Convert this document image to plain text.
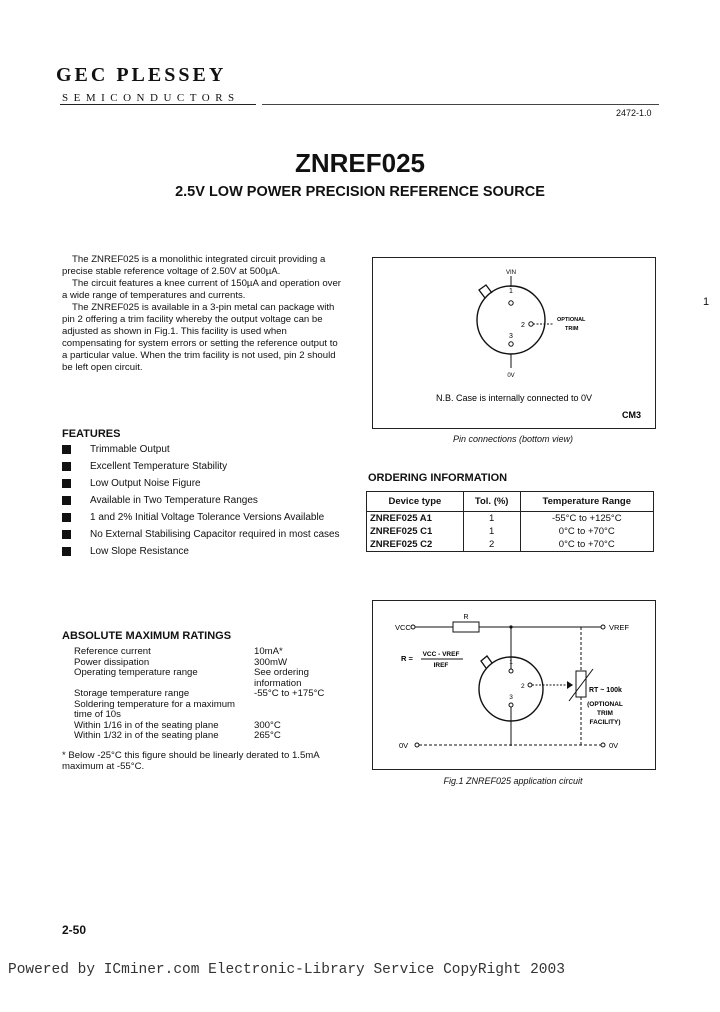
GEC PLESSEY
SEMICONDUCTORS
2472-1.0
ZNREF025
2.5V LOW POWER PRECISION REFERENCE SOURCE

The ZNREF025 is a monolithic integrated circuit providing a precise stable reference voltage of 2.50V at 500µA.

The circuit features a knee current of 150µA and operation over a wide range of temperatures and currents.

The ZNREF025 is available in a 3-pin metal can package with pin 2 offering a trim facility whereby the output voltage can be adjusted as shown in Fig.1. This facility is used when compensating for system errors or setting the reference output to a particular value. When the trim facility is not used, pin 2 should be left open circuit.

VIN
1
2
OPTIONAL
TRIM
3
0V
N.B. Case is internally connected to 0V
CM3
Pin connections (bottom view)
1
FEATURES
Trimmable Output
Excellent Temperature Stability
Low Output Noise Figure
Available in Two Temperature Ranges
1 and 2% Initial Voltage Tolerance Versions Available
No External Stabilising Capacitor required in most cases
Low Slope Resistance
ORDERING INFORMATION
Device type	Tol. (%)	Temperature Range
ZNREF025 A1	1	-55°C to +125°C
ZNREF025 C1	1	0°C to +70°C
ZNREF025 C2	2	0°C to +70°C
ABSOLUTE MAXIMUM RATINGS
Reference current	10mA*
Power dissipation	300mW
Operating temperature range	See ordering information
Storage temperature range	-55°C to +175°C
Soldering temperature for a maximum time of 10s	
Within 1/16 in of the seating plane	300°C
Within 1/32 in of the seating plane	265°C
* Below -25°C this figure should be linearly derated to 1.5mA maximum at -55°C.
VCC
R
VREF
R = VCC - VREF
IREF	1
2
3
RT ~ 100k
(OPTIONAL
TRIM
FACILITY)
0V	0V
Fig.1 ZNREF025 application circuit
2-50
Powered by ICminer.com Electronic-Library Service CopyRight 2003
